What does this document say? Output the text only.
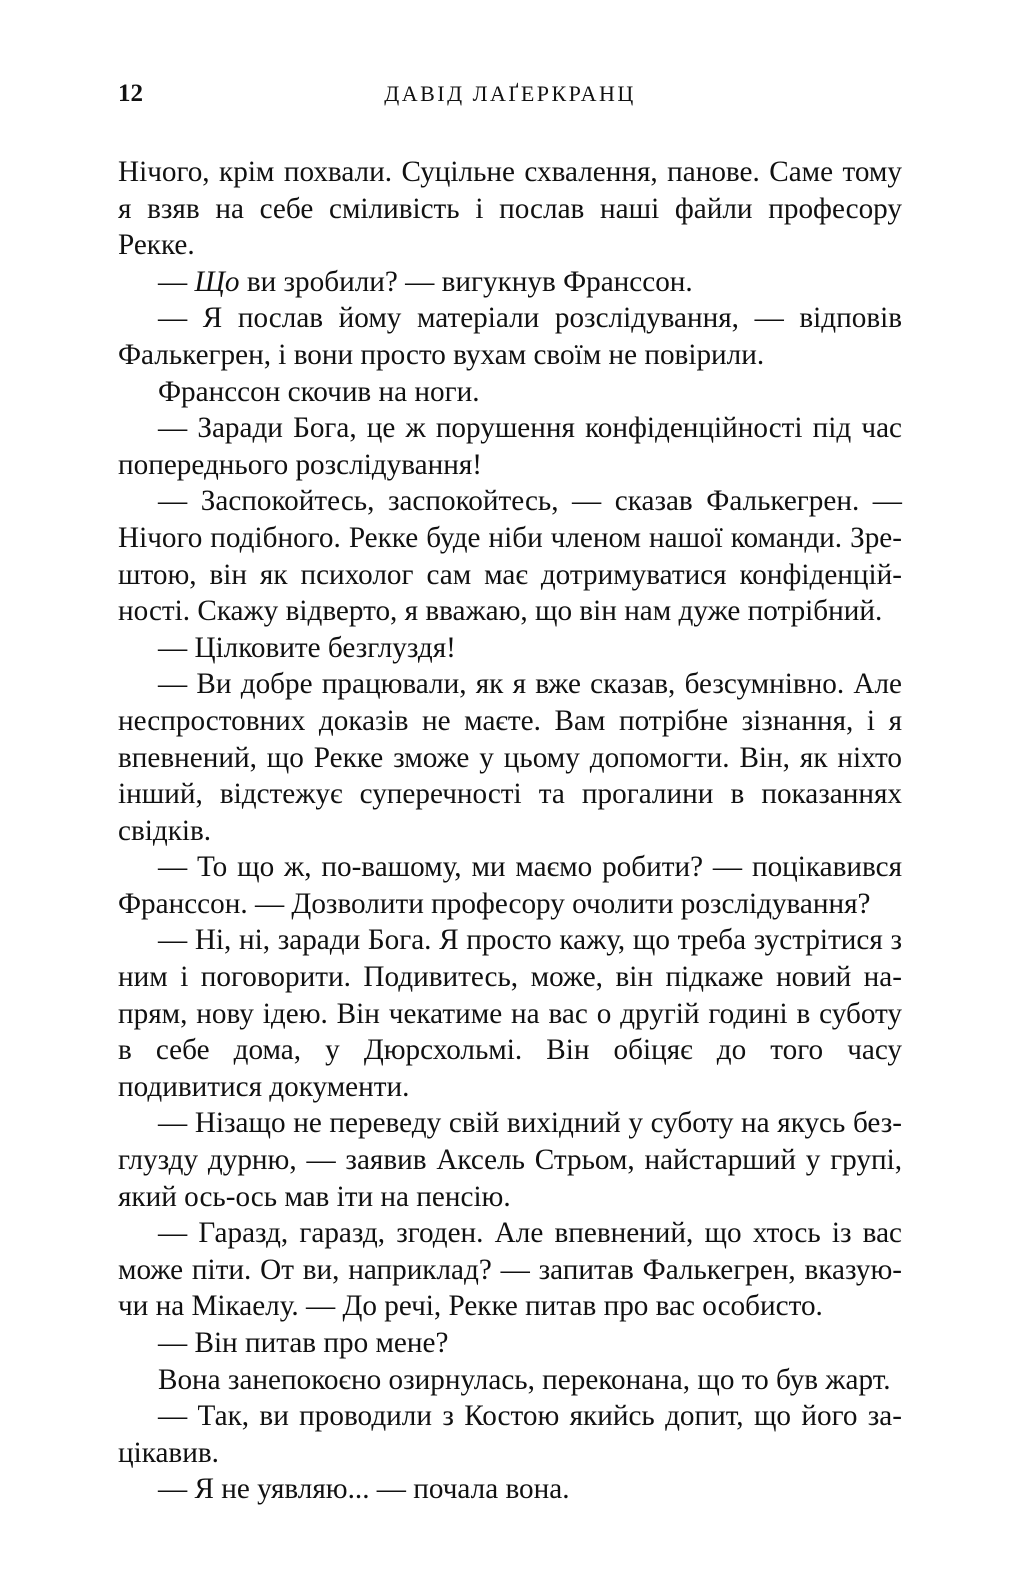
12	ДАВІД ЛАҐЕРКРАНЦ

Нічого, крім похвали. Суцільне схвалення, панове. Саме тому я взяв на себе сміливість і послав наші файли професору Рекке.

— Що ви зробили? — вигукнув Франссон.

— Я послав йому матеріали розслідування, — відповів Фалькегрен, і вони просто вухам своїм не повірили.

Франссон скочив на ноги.

— Заради Бога, це ж порушення конфіденційності під час попереднього розслідування!

— Заспокойтесь, заспокойтесь, — сказав Фалькегрен. — Нічого подібного. Рекке буде ніби членом нашої команди. Зрештою, він як психолог сам має дотримуватися конфіденційності. Скажу відверто, я вважаю, що він нам дуже потрібний.

— Цілковите безглуздя!

— Ви добре працювали, як я вже сказав, безсумнівно. Але неспростовних доказів не маєте. Вам потрібне зізнання, і я впевнений, що Рекке зможе у цьому допомогти. Він, як ніхто інший, відстежує суперечності та прогалини в показаннях свідків.

— То що ж, по-вашому, ми маємо робити? — поцікавився Франссон. — Дозволити професору очолити розслідування?

— Ні, ні, заради Бога. Я просто кажу, що треба зустрітися з ним і поговорити. Подивитесь, може, він підкаже новий напрям, нову ідею. Він чекатиме на вас о другій годині в суботу в себе дома, у Дюрсхольмі. Він обіцяє до того часу подивитися документи.

— Нізащо не переведу свій вихідний у суботу на якусь безглузду дурню, — заявив Аксель Стрьом, найстарший у групі, який ось-ось мав іти на пенсію.

— Гаразд, гаразд, згоден. Але впевнений, що хтось із вас може піти. От ви, наприклад? — запитав Фалькегрен, вказуючи на Мікаелу. — До речі, Рекке питав про вас особисто.

— Він питав про мене?

Вона занепокоєно озирнулась, переконана, що то був жарт.

— Так, ви проводили з Костою якийсь допит, що його зацікавив.

— Я не уявляю... — почала вона.
